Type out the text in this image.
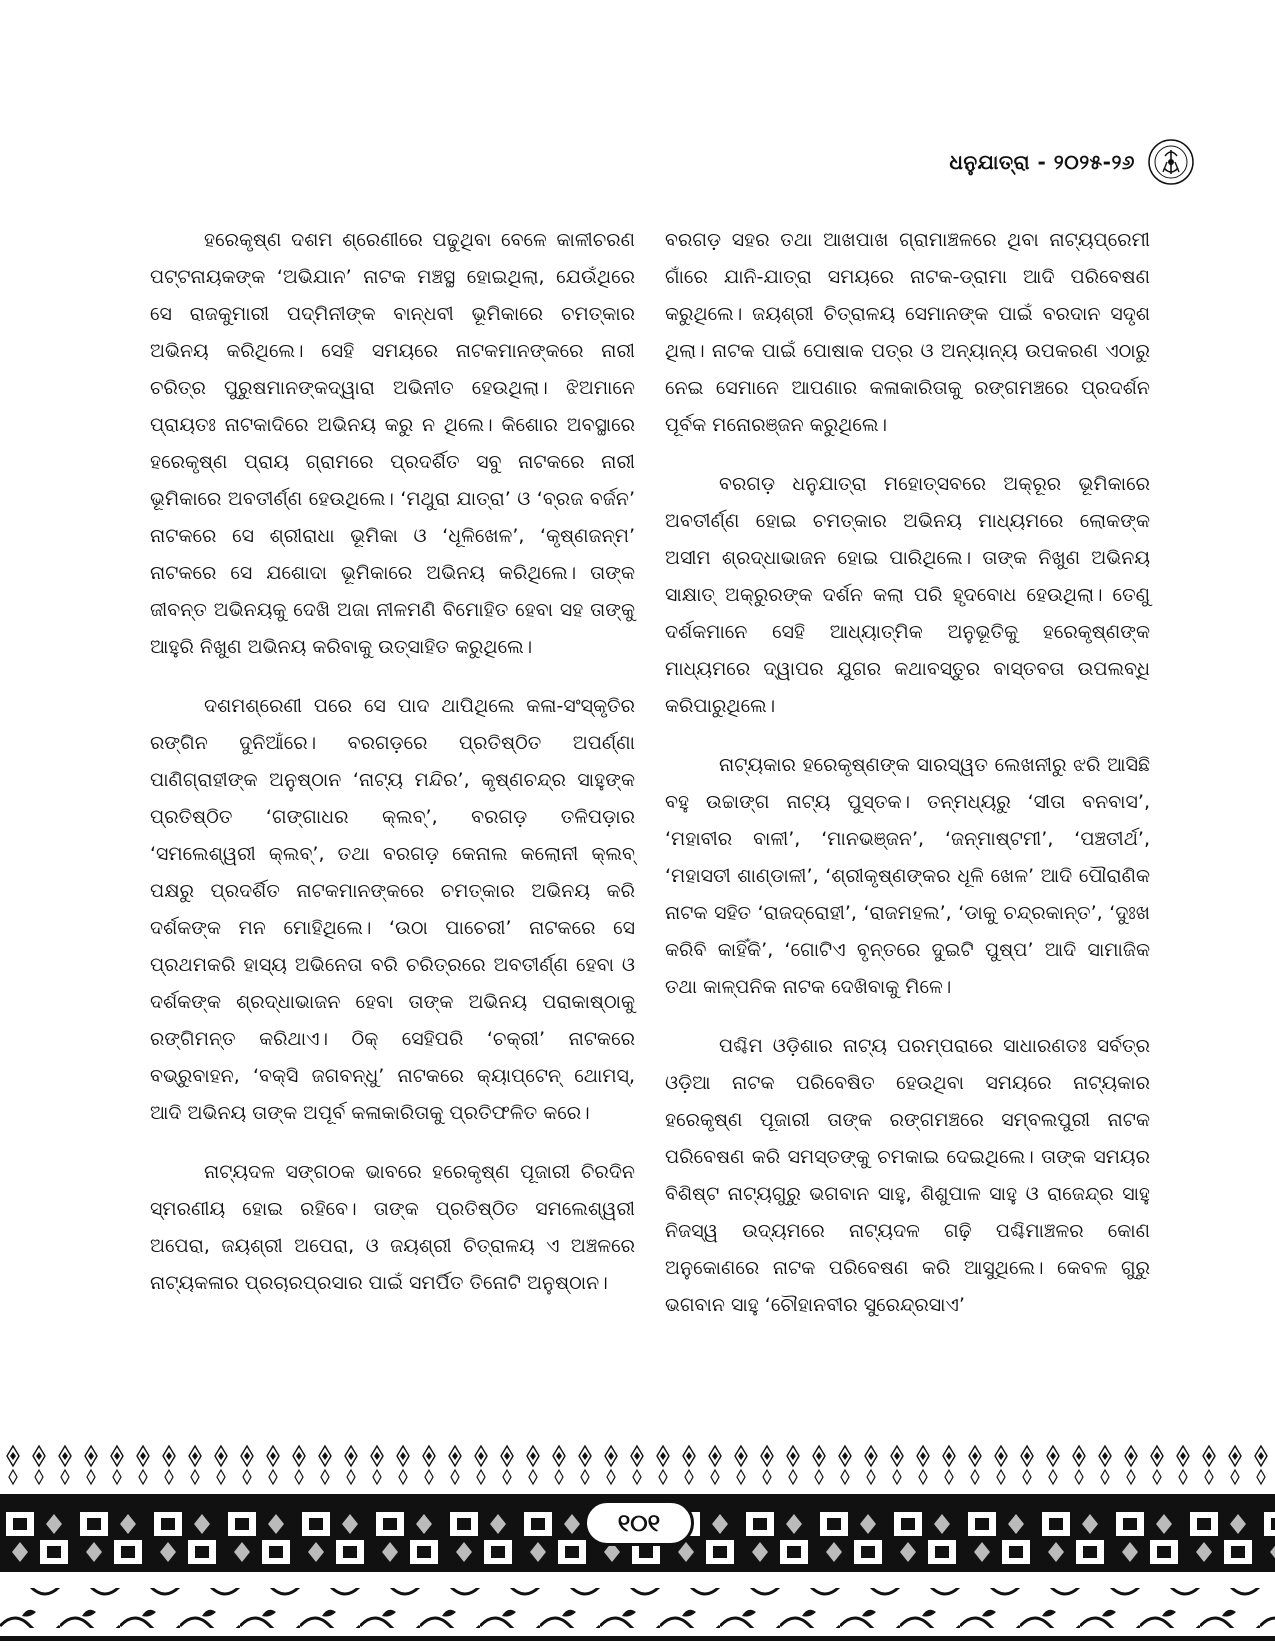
ଧନୁଯାତ୍ରା - ୨୦୨୫-୨୬

ହରେକୃଷ୍ଣ ଦଶମ ଶ୍ରେଣୀରେ ପଢୁଥିବା ବେଳେ କାଳୀଚରଣ ପଟ୍ଟନାୟକଙ୍କ ‘ଅଭିଯାନ’ ନାଟକ ମଞ୍ଚସ୍ଥ ହୋଇଥିଲା, ଯେଉଁଥିରେ ସେ ରାଜକୁମାରୀ ପଦ୍ମିନୀଙ୍କ ବାନ୍ଧବୀ ଭୂମିକାରେ ଚମତ୍କାର ଅଭିନୟ କରିଥିଲେ। ସେହି ସମୟରେ ନାଟକମାନଙ୍କରେ ନାରୀ ଚରିତ୍ର ପୁରୁଷମାନଙ୍କଦ୍ୱାରା ଅଭିନୀତ ହେଉଥିଲା। ଝିଅମାନେ ପ୍ରାୟତଃ ନାଟକାଦିରେ ଅଭିନୟ କରୁ ନ ଥିଲେ। କିଶୋର ଅବସ୍ଥାରେ ହରେକୃଷ୍ଣ ପ୍ରାୟ ଗ୍ରାମରେ ପ୍ରଦର୍ଶିତ ସବୁ ନାଟକରେ ନାରୀ ଭୂମିକାରେ ଅବତୀର୍ଣ୍ଣ ହେଉଥିଲେ। ‘ମଥୁରା ଯାତ୍ରା’ ଓ ‘ବ୍ରଜ ବର୍ଜନ’ ନାଟକରେ ସେ ଶ୍ରୀରାଧା ଭୂମିକା ଓ ‘ଧୂଳିଖେଳ’, ‘କୃଷ୍ଣଜନ୍ମ’ ନାଟକରେ ସେ ଯଶୋଦା ଭୂମିକାରେ ଅଭିନୟ କରିଥିଲେ। ତାଙ୍କ ଜୀବନ୍ତ ଅଭିନୟକୁ ଦେଖି ଅଜା ନୀଳମଣି ବିମୋହିତ ହେବା ସହ ତାଙ୍କୁ ଆହୁରି ନିଖୁଣ ଅଭିନୟ କରିବାକୁ ଉତ୍ସାହିତ କରୁଥିଲେ।

ଦଶମଶ୍ରେଣୀ ପରେ ସେ ପାଦ ଥାପିଥିଲେ କଳା-ସଂସ୍କୃତିର ରଙ୍ଗିନ ଦୁନିଆଁରେ। ବରଗଡ଼ରେ ପ୍ରତିଷ୍ଠିତ ଅପର୍ଣ୍ଣା ପାଣିଗ୍ରାହୀଙ୍କ ଅନୁଷ୍ଠାନ ‘ନାଟ୍ୟ ମନ୍ଦିର’, କୃଷ୍ଣଚନ୍ଦ୍ର ସାହୁଙ୍କ ପ୍ରତିଷ୍ଠିତ ‘ଗଙ୍ଗାଧର କ୍ଲବ୍’, ବରଗଡ଼ ତଳିପଡ଼ାର ‘ସମଲେଶ୍ୱରୀ କ୍ଲବ୍’, ତଥା ବରଗଡ଼ କେନାଲ କଲୋନୀ କ୍ଲବ୍ ପକ୍ଷରୁ ପ୍ରଦର୍ଶିତ ନାଟକମାନଙ୍କରେ ଚମତ୍କାର ଅଭିନୟ କରି ଦର୍ଶକଙ୍କ ମନ ମୋହିଥିଲେ। ‘ଉଠା ପାଚେରୀ’ ନାଟକରେ ସେ ପ୍ରଥମକରି ହାସ୍ୟ ଅଭିନେତା ବରି ଚରିତ୍ରରେ ଅବତୀର୍ଣ୍ଣ ହେବା ଓ ଦର୍ଶକଙ୍କ ଶ୍ରଦ୍ଧାଭାଜନ ହେବା ତାଙ୍କ ଅଭିନୟ ପରାକାଷ୍ଠାକୁ ରଙ୍ଗିମନ୍ତ କରିଥାଏ। ଠିକ୍ ସେହିପରି ‘ଚକ୍ରୀ’ ନାଟକରେ ବଭ୍ରୁବାହନ, ‘ବକ୍ସି ଜଗବନ୍ଧୁ’ ନାଟକରେ କ୍ୟାପ୍ଟେନ୍ ଥୋମସ୍, ଆଦି ଅଭିନୟ ତାଙ୍କ ଅପୂର୍ବ କଳାକାରିତାକୁ ପ୍ରତିଫଳିତ କରେ।

ନାଟ୍ୟଦଳ ସଙ୍ଗଠକ ଭାବରେ ହରେକୃଷ୍ଣ ପୂଜାରୀ ଚିରଦିନ ସ୍ମରଣୀୟ ହୋଇ ରହିବେ। ତାଙ୍କ ପ୍ରତିଷ୍ଠିତ ସମଲେଶ୍ୱରୀ ଅପେରା, ଜୟଶ୍ରୀ ଅପେରା, ଓ ଜୟଶ୍ରୀ ଚିତ୍ରାଳୟ ଏ ଅଞ୍ଚଳରେ ନାଟ୍ୟକଳାର ପ୍ରଚାରପ୍ରସାର ପାଇଁ ସମର୍ପିତ ତିନୋଟି ଅନୁଷ୍ଠାନ।

ବରଗଡ଼ ସହର ତଥା ଆଖପାଖ ଗ୍ରାମାଞ୍ଚଳରେ ଥିବା ନାଟ୍ୟପ୍ରେମୀ ଗାଁରେ ଯାନି-ଯାତ୍ରା ସମୟରେ ନାଟକ-ଡ୍ରାମା ଆଦି ପରିବେଷଣ କରୁଥିଲେ। ଜୟଶ୍ରୀ ଚିତ୍ରାଳୟ ସେମାନଙ୍କ ପାଇଁ ବରଦାନ ସଦୃଶ ଥିଲା। ନାଟକ ପାଇଁ ପୋଷାକ ପତ୍ର ଓ ଅନ୍ୟାନ୍ୟ ଉପକରଣ ଏଠାରୁ ନେଇ ସେମାନେ ଆପଣାର କଳାକାରିତାକୁ ରଙ୍ଗମଞ୍ଚରେ ପ୍ରଦର୍ଶନ ପୂର୍ବକ ମନୋରଞ୍ଜନ କରୁଥିଲେ।

ବରଗଡ଼ ଧନୁଯାତ୍ରା ମହୋତ୍ସବରେ ଅକ୍ରୂର ଭୂମିକାରେ ଅବତୀର୍ଣ୍ଣ ହୋଇ ଚମତ୍କାର ଅଭିନୟ ମାଧ୍ୟମରେ ଲୋକଙ୍କ ଅସୀମ ଶ୍ରଦ୍ଧାଭାଜନ ହୋଇ ପାରିଥିଲେ। ତାଙ୍କ ନିଖୁଣ ଅଭିନୟ ସାକ୍ଷାତ୍ ଅକ୍ରୁରଙ୍କ ଦର୍ଶନ କଲା ପରି ହୃଦବୋଧ ହେଉଥିଲା। ତେଣୁ ଦର୍ଶକମାନେ ସେହି ଆଧ୍ୟାତ୍ମିକ ଅନୁଭୂତିକୁ ହରେକୃଷ୍ଣଙ୍କ ମାଧ୍ୟମରେ ଦ୍ୱାପର ଯୁଗର କଥାବସ୍ତୁର ବାସ୍ତବତା ଉପଲବ୍ଧି କରିପାରୁଥିଲେ।

ନାଟ୍ୟକାର ହରେକୃଷ୍ଣଙ୍କ ସାରସ୍ୱତ ଲେଖନୀରୁ ଝରି ଆସିଛି ବହୁ ଉଚ୍ଚାଙ୍ଗ ନାଟ୍ୟ ପୁସ୍ତକ। ତନ୍ମଧ୍ୟରୁ ‘ସୀତା ବନବାସ’, ‘ମହାବୀର ବାଳୀ’, ‘ମାନଭଞ୍ଜନ’, ‘ଜନ୍ମାଷ୍ଟମୀ’, ‘ପଞ୍ଚତୀର୍ଥ’, ‘ମହାସତୀ ଶାଣ୍ଡାଳୀ’, ‘ଶ୍ରୀକୃଷ୍ଣଙ୍କର ଧୂଳି ଖେଳ’ ଆଦି ପୌରାଣିକ ନାଟକ ସହିତ ‘ରାଜଦ୍ରୋହୀ’, ‘ରାଜମହଲ’, ‘ଡାକୁ ଚନ୍ଦ୍ରକାନ୍ତ’, ‘ଦୁଃଖ କରିବି କାହିଁକି’, ‘ଗୋଟିଏ ବୃନ୍ତରେ ଦୁଇଟି ପୁଷ୍ପ’ ଆଦି ସାମାଜିକ ତଥା କାଳ୍ପନିକ ନାଟକ ଦେଖିବାକୁ ମିଳେ।

ପଶ୍ଚିମ ଓଡ଼ିଶାର ନାଟ୍ୟ ପରମ୍ପରାରେ ସାଧାରଣତଃ ସର୍ବତ୍ର ଓଡ଼ିଆ ନାଟକ ପରିବେଷିତ ହେଉଥିବା ସମୟରେ ନାଟ୍ୟକାର ହରେକୃଷ୍ଣ ପୂଜାରୀ ତାଙ୍କ ରଙ୍ଗମଞ୍ଚରେ ସମ୍ବଲପୁରୀ ନାଟକ ପରିବେଷଣ କରି ସମସ୍ତଙ୍କୁ ଚମକାଇ ଦେଇଥିଲେ। ତାଙ୍କ ସମୟର ବିଶିଷ୍ଟ ନାଟ୍ୟଗୁରୁ ଭଗବାନ ସାହୁ, ଶିଶୁପାଳ ସାହୁ ଓ ରାଜେନ୍ଦ୍ର ସାହୁ ନିଜସ୍ୱ ଉଦ୍ୟମରେ ନାଟ୍ୟଦଳ ଗଢ଼ି ପଶ୍ଚିମାଞ୍ଚଳର କୋଣ ଅନୁକୋଣରେ ନାଟକ ପରିବେଷଣ କରି ଆସୁଥିଲେ। କେବଳ ଗୁରୁ ଭଗବାନ ସାହୁ ‘ଚୌହାନବୀର ସୁରେନ୍ଦ୍ରସାଏ’

୧୦୧
